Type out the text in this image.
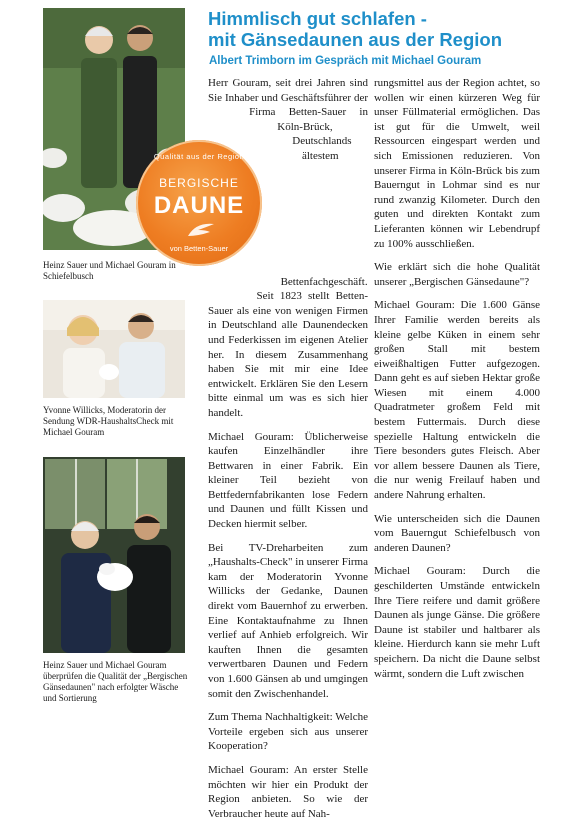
Heinz Sauer und Michael Gouram in Schiefelbusch
Yvonne Willicks, Moderatorin der Sendung WDR-HaushaltsCheck mit Michael Gouram
Heinz Sauer und Michael Gouram überprüfen die Qualität der „Bergischen Gänsedaunen" nach erfolgter Wäsche und Sortierung
Himmlisch gut schlafen -
mit Gänsedaunen aus der Region
Albert Trimborn im Gespräch mit Michael Gouram

Herr Gouram, seit drei Jahren sind Sie Inhaber und Geschäftsführer der Firma Betten-Sauer in Köln-Brück, Deutschlands ältestem Bettenfachgeschäft. Seit 1823 stellt Betten-Sauer als eine von wenigen Firmen in Deutschland alle Daunendecken und Federkissen im eigenen Atelier her. In diesem Zusammenhang haben Sie mit mir eine Idee entwickelt. Erklären Sie den Lesern bitte einmal um was es sich hier handelt.

Michael Gouram: Üblicherweise kaufen Einzelhändler ihre Bettwaren in einer Fabrik. Ein kleiner Teil bezieht von Bettfedernfabrikanten lose Federn und Daunen und füllt Kissen und Decken hiermit selber.

Bei TV-Dreharbeiten zum „Haushalts-Check" in unserer Firma kam der Moderatorin Yvonne Willicks der Gedanke, Daunen direkt vom Bauernhof zu erwerben. Eine Kontaktaufnahme zu Ihnen verlief auf Anhieb erfolgreich. Wir kauften Ihnen die gesamten verwertbaren Daunen und Federn von 1.600 Gänsen ab und umgingen somit den Zwischenhandel.

Zum Thema Nachhaltigkeit: Welche Vorteile ergeben sich aus unserer Kooperation?

Michael Gouram: An erster Stelle möchten wir hier ein Produkt der Region anbieten. So wie der Verbraucher heute auf Nah-

rungsmittel aus der Region achtet, so wollen wir einen kürzeren Weg für unser Füllmaterial ermöglichen. Das ist gut für die Umwelt, weil Ressourcen eingespart werden und sich Emissionen reduzieren. Von unserer Firma in Köln-Brück bis zum Bauerngut in Lohmar sind es nur rund zwanzig Kilometer. Durch den guten und direkten Kontakt zum Lieferanten können wir Lebendrupf zu 100% ausschließen.

Wie erklärt sich die hohe Qualität unserer „Bergischen Gänsedaune"?

Michael Gouram: Die 1.600 Gänse Ihrer Familie werden bereits als kleine gelbe Küken in einem sehr großen Stall mit bestem eiweißhaltigen Futter aufgezogen. Dann geht es auf sieben Hektar große Wiesen mit einem 4.000 Quadratmeter großem Feld mit bestem Futtermais. Durch diese spezielle Haltung entwickeln die Tiere besonders gutes Fleisch. Aber vor allem bessere Daunen als Tiere, die nur wenig Freilauf haben und andere Nahrung erhalten.

Wie unterscheiden sich die Daunen vom Bauerngut Schiefelbusch von anderen Daunen?

Michael Gouram: Durch die geschilderten Umstände entwickeln Ihre Tiere reifere und damit größere Daunen als junge Gänse. Die größere Daune ist stabiler und haltbarer als kleine. Hierdurch kann sie mehr Luft speichern. Da nicht die Daune selbst wärmt, sondern die Luft zwischen

Qualität aus der Region
BERGISCHE
DAUNE
von Betten-Sauer
